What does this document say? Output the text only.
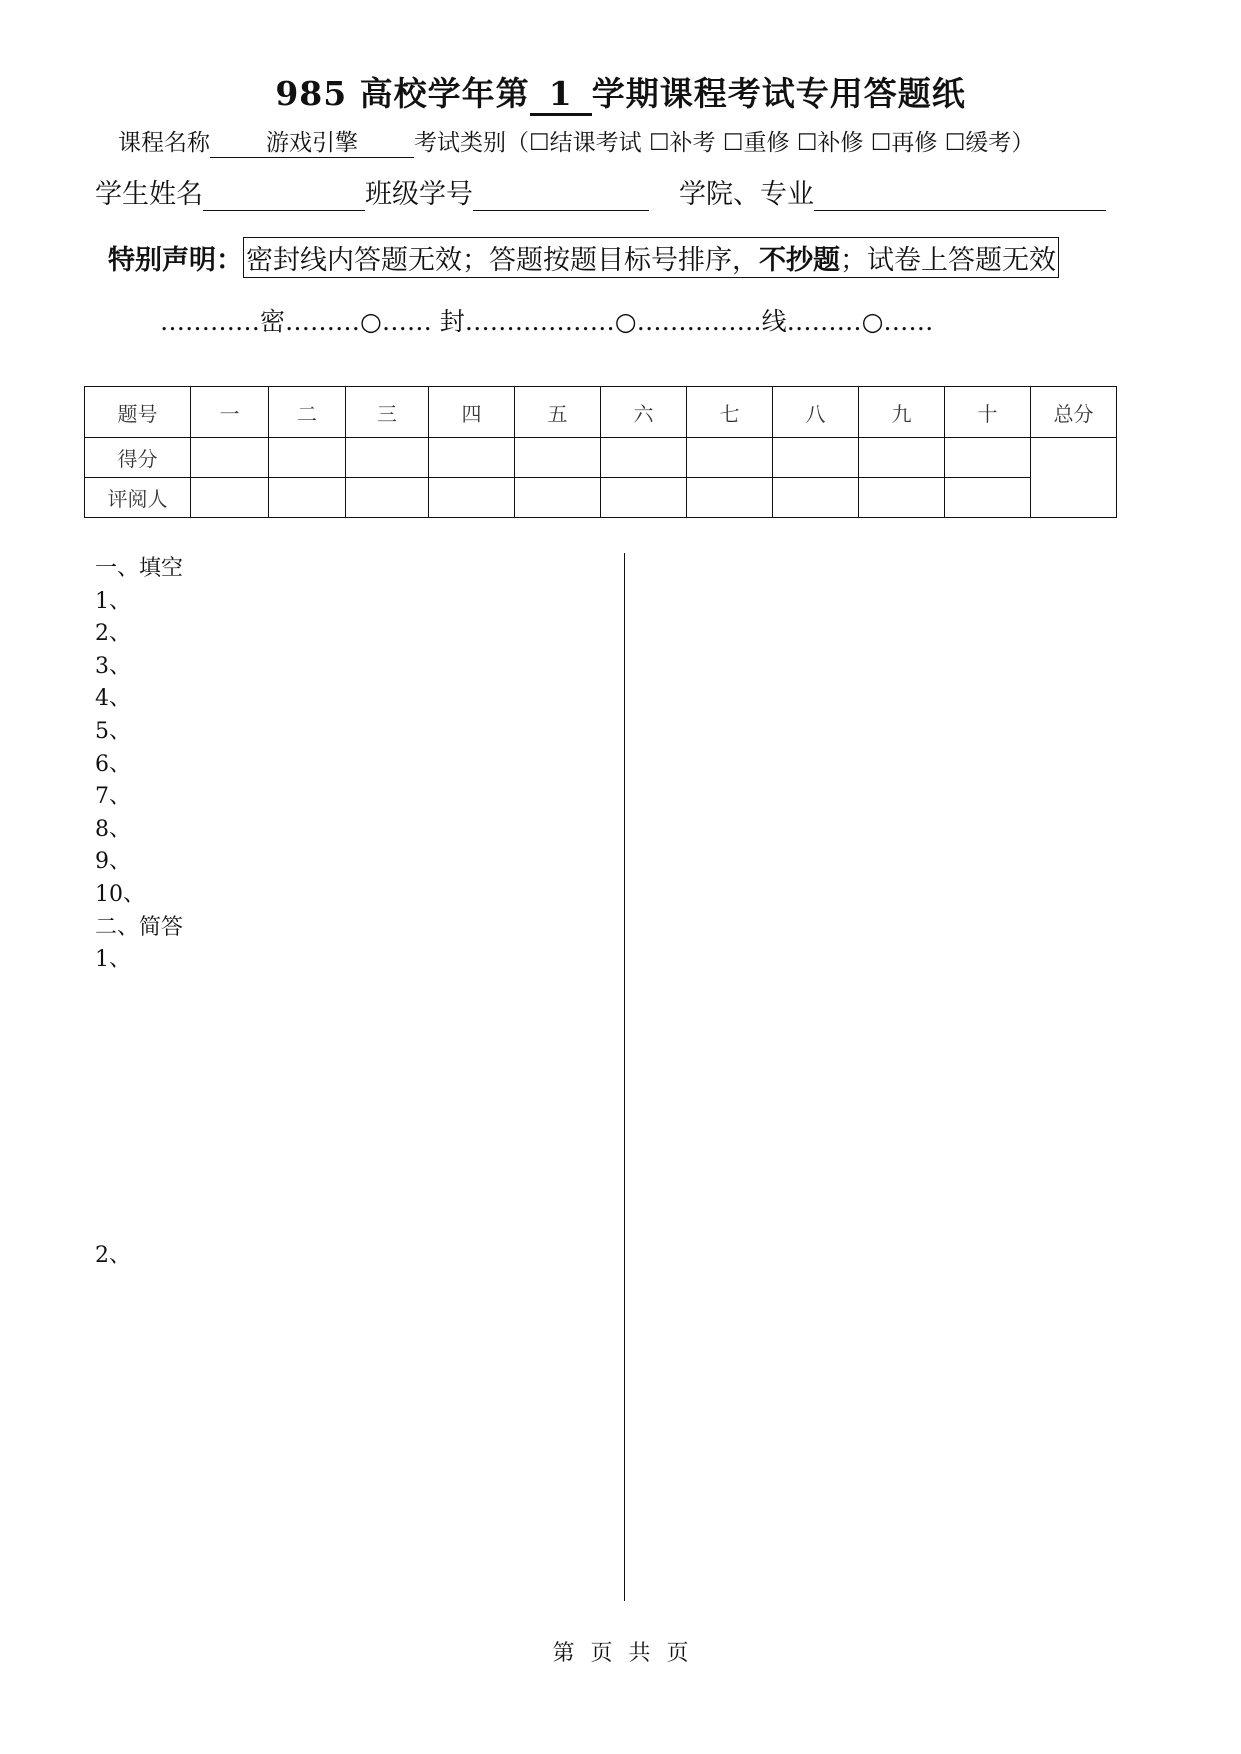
985 高校学年第 1 学期课程考试专用答题纸
课程名称 游戏引擎 考试类别（☐结课考试 ☐补考 ☐重修 ☐补修 ☐再修 ☐缓考）
学生姓名	班级学号	学院、专业
特别声明： 密封线内答题无效；答题按题目标号排序，不抄题；试卷上答题无效
…………密………○…… 封………………○……………线………○……
题号	一	二	三	四	五	六	七	八	九	十	总分
得分											
评阅人											
一、填空
1、
2、
3、
4、
5、
6、
7、
8、
9、
10、
二、简答
1、
2、
第 页 共 页
